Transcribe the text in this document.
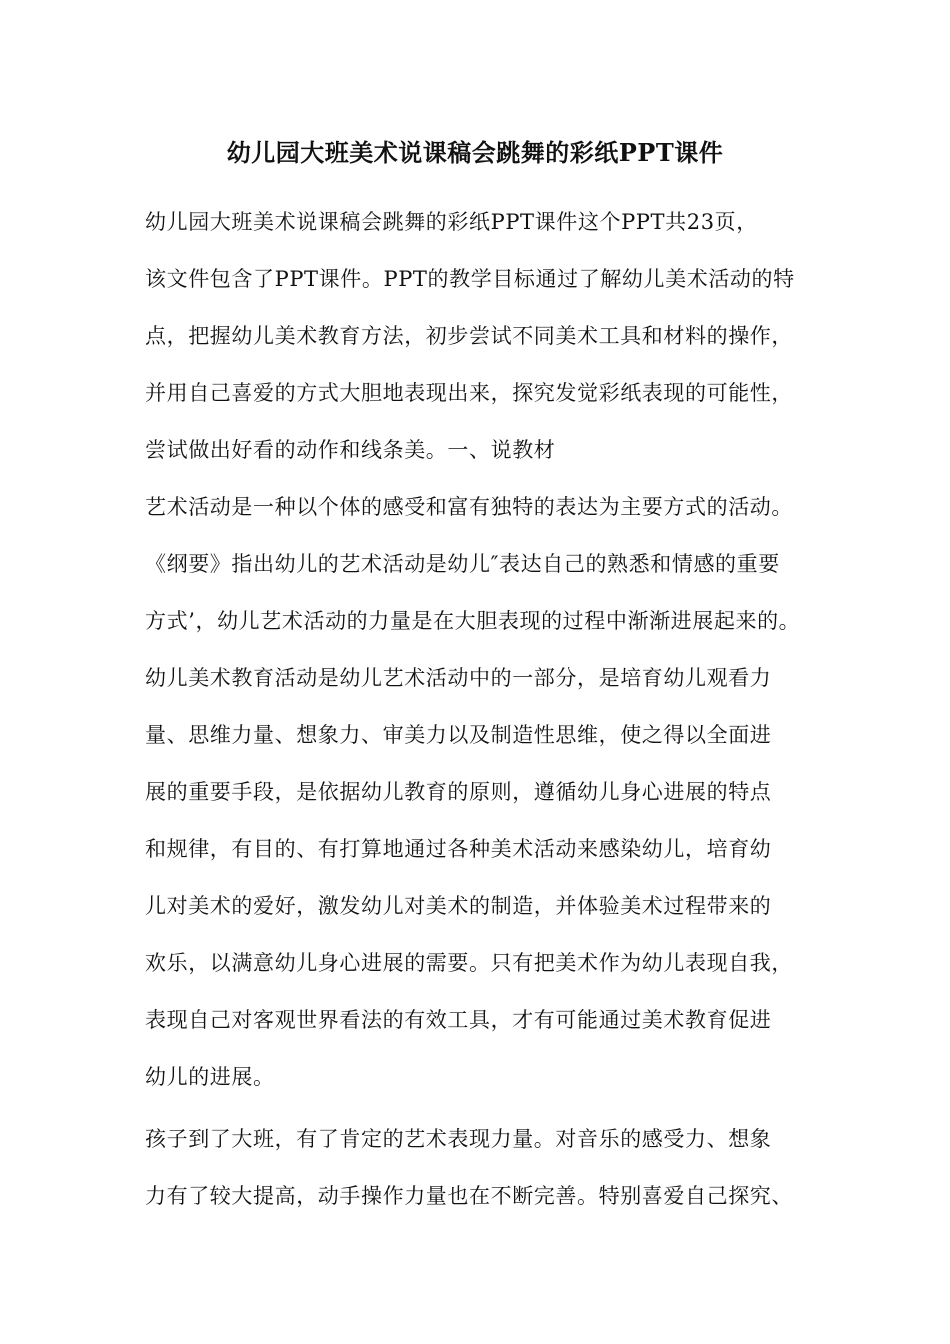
幼儿园大班美术说课稿会跳舞的彩纸PPT课件
幼儿园大班美术说课稿会跳舞的彩纸PPT课件这个PPT共23页，
该文件包含了PPT课件。PPT的教学目标通过了解幼儿美术活动的特
点，把握幼儿美术教育方法，初步尝试不同美术工具和材料的操作，
并用自己喜爱的方式大胆地表现出来，探究发觉彩纸表现的可能性，
尝试做出好看的动作和线条美。一、说教材
艺术活动是一种以个体的感受和富有独特的表达为主要方式的活动。
《纲要》指出幼儿的艺术活动是幼儿″表达自己的熟悉和情感的重要
方式’，幼儿艺术活动的力量是在大胆表现的过程中渐渐进展起来的。
幼儿美术教育活动是幼儿艺术活动中的一部分，是培育幼儿观看力
量、思维力量、想象力、审美力以及制造性思维，使之得以全面进
展的重要手段，是依据幼儿教育的原则，遵循幼儿身心进展的特点
和规律，有目的、有打算地通过各种美术活动来感染幼儿，培育幼
儿对美术的爱好，激发幼儿对美术的制造，并体验美术过程带来的
欢乐，以满意幼儿身心进展的需要。只有把美术作为幼儿表现自我，
表现自己对客观世界看法的有效工具，才有可能通过美术教育促进
幼儿的进展。
孩子到了大班，有了肯定的艺术表现力量。对音乐的感受力、想象
力有了较大提高，动手操作力量也在不断完善。特别喜爱自己探究、
